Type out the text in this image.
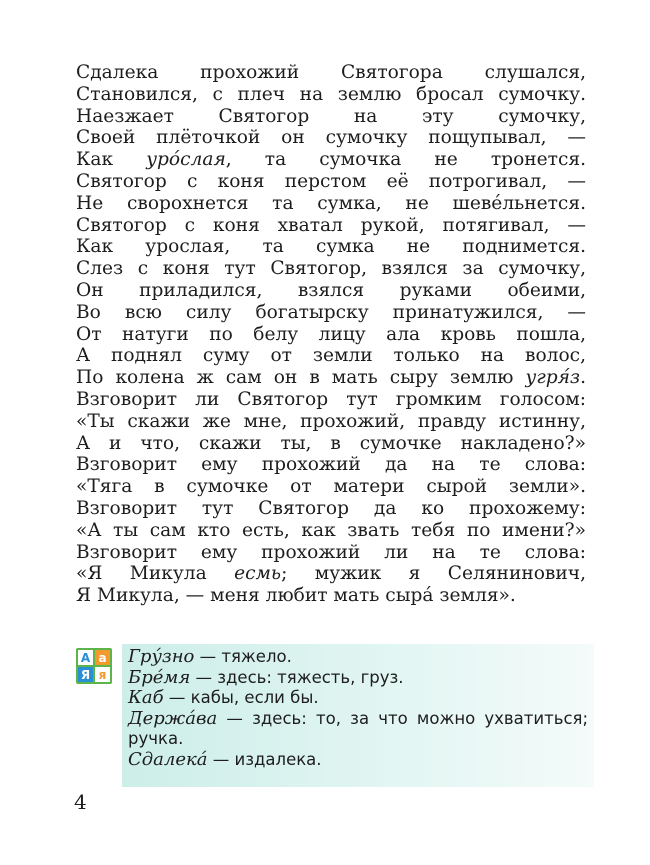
Сдалека прохожий Святогора слушался,
Становился, с плеч на землю бросал сумочку.
Наезжает Святогор на эту сумочку,
Своей плёточкой он сумочку пощупывал, —
Как уро́слая, та сумочка не тронется.
Святогор с коня перстом её потрогивал, —
Не сворохнется та сумка, не шеве́льнется.
Святогор с коня хватал рукой, потягивал, —
Как урослая, та сумка не поднимется.
Слез с коня тут Святогор, взялся за сумочку,
Он приладился, взялся руками обеими,
Во всю силу богатырску принатужился, —
От натуги по белу лицу ала кровь пошла,
А поднял суму от земли только на волос,
По колена ж сам он в мать сыру землю угря́з.
Взговорит ли Святогор тут громким голосом:
«Ты скажи же мне, прохожий, правду истинну,
А и что, скажи ты, в сумочке накладено?»
Взговорит ему прохожий да на те слова:
«Тяга в сумочке от матери сырой земли».
Взговорит тут Святогор да ко прохожему:
«А ты сам кто есть, как звать тебя по имени?»
Взговорит ему прохожий ли на те слова:
«Я Микула есмь; мужик я Селянинович,
Я Микула, — меня любит мать сыра́ земля».
А а
Я я
Гру́зно — тяжело.
Бре́мя — здесь: тяжесть, груз.
Каб — кабы, если бы.
Держа́ва — здесь: то, за что можно ухватиться; ручка.
Сдалека́ — издалека.
4
